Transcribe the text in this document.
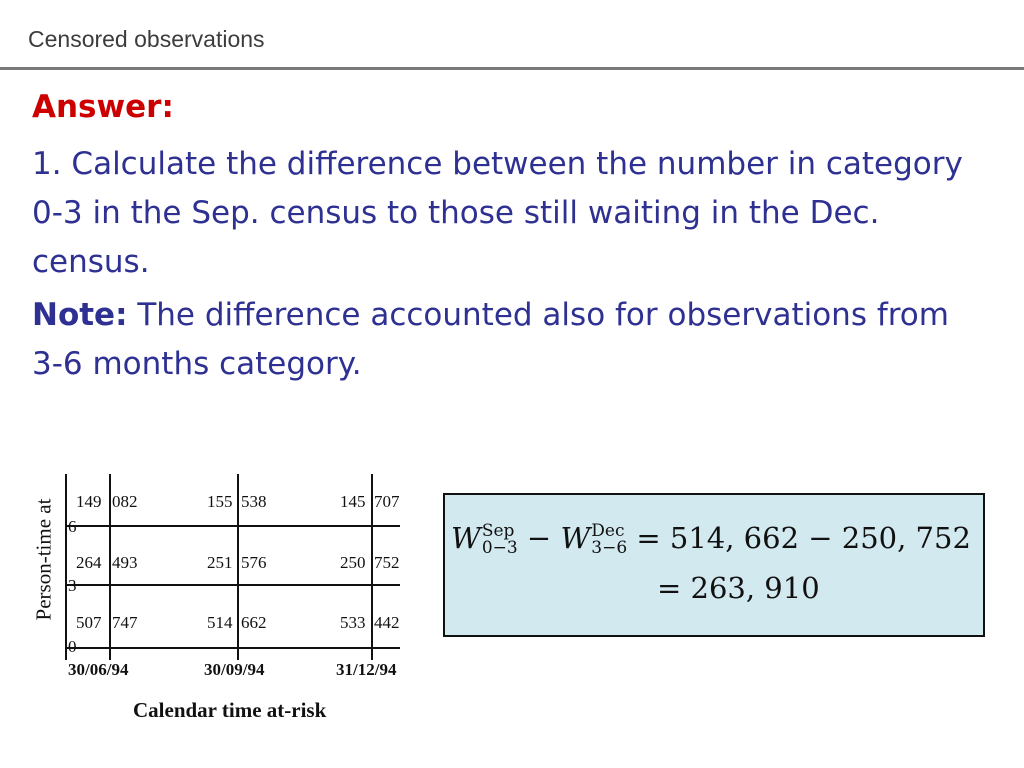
Censored observations

Answer:

1. Calculate the difference between the number in category 0-3 in the Sep. census to those still waiting in the Dec. census.

Note: The difference accounted also for observations from 3-6 months category.

Person-time at 149 082	155 538	145 707
264 493	251 576	250 752
507 747	514 662	533 442
6
3
0
30/06/94	30/09/94	31/12/94
Calendar time at-risk
W Sep
0−3 − W Dec
3−6 = 514, 662 − 250, 752
= 263, 910
